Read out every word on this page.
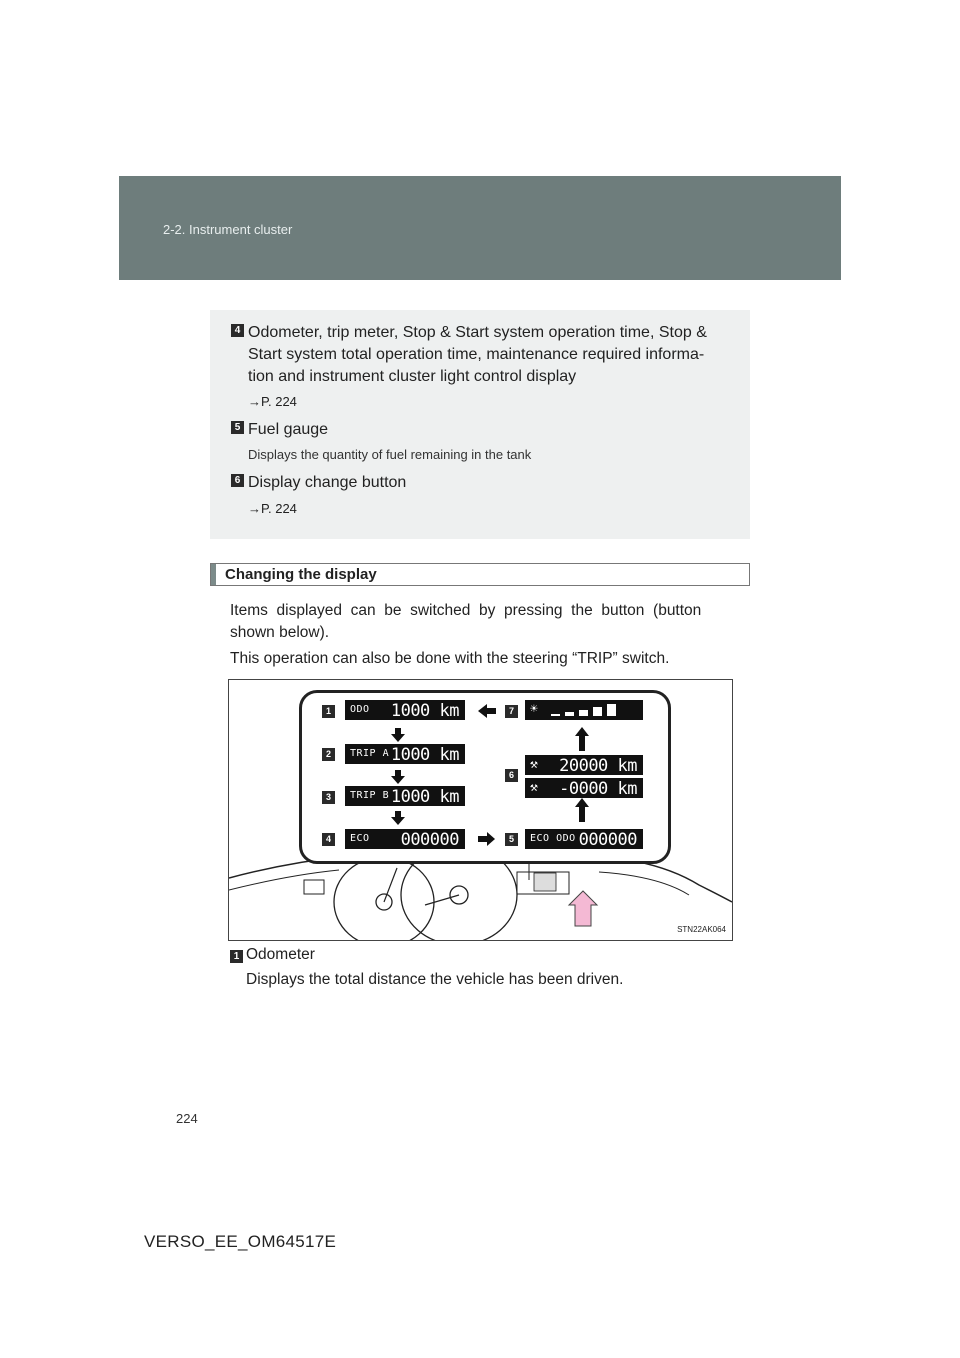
2-2. Instrument cluster
4 Odometer, trip meter, Stop & Start system operation time, Stop &
Start system total operation time, maintenance required informa-
tion and instrument cluster light control display
→P. 224
5 Fuel gauge
Displays the quantity of fuel remaining in the tank
6 Display change button
→P. 224
Changing the display
Items  displayed  can  be  switched  by  pressing  the  button  (button
shown below).
This operation can also be done with the steering “TRIP” switch.
1	ODO 1000 km
2	TRIP A 1000 km
3	TRIP B 1000 km
4	ECO 000000	5	ECO ODO 000000
6
⚒ 20000 km
⚒ -0000 km
7	☀
STN22AK064
1 Odometer
Displays the total distance the vehicle has been driven.
224
VERSO_EE_OM64517E
